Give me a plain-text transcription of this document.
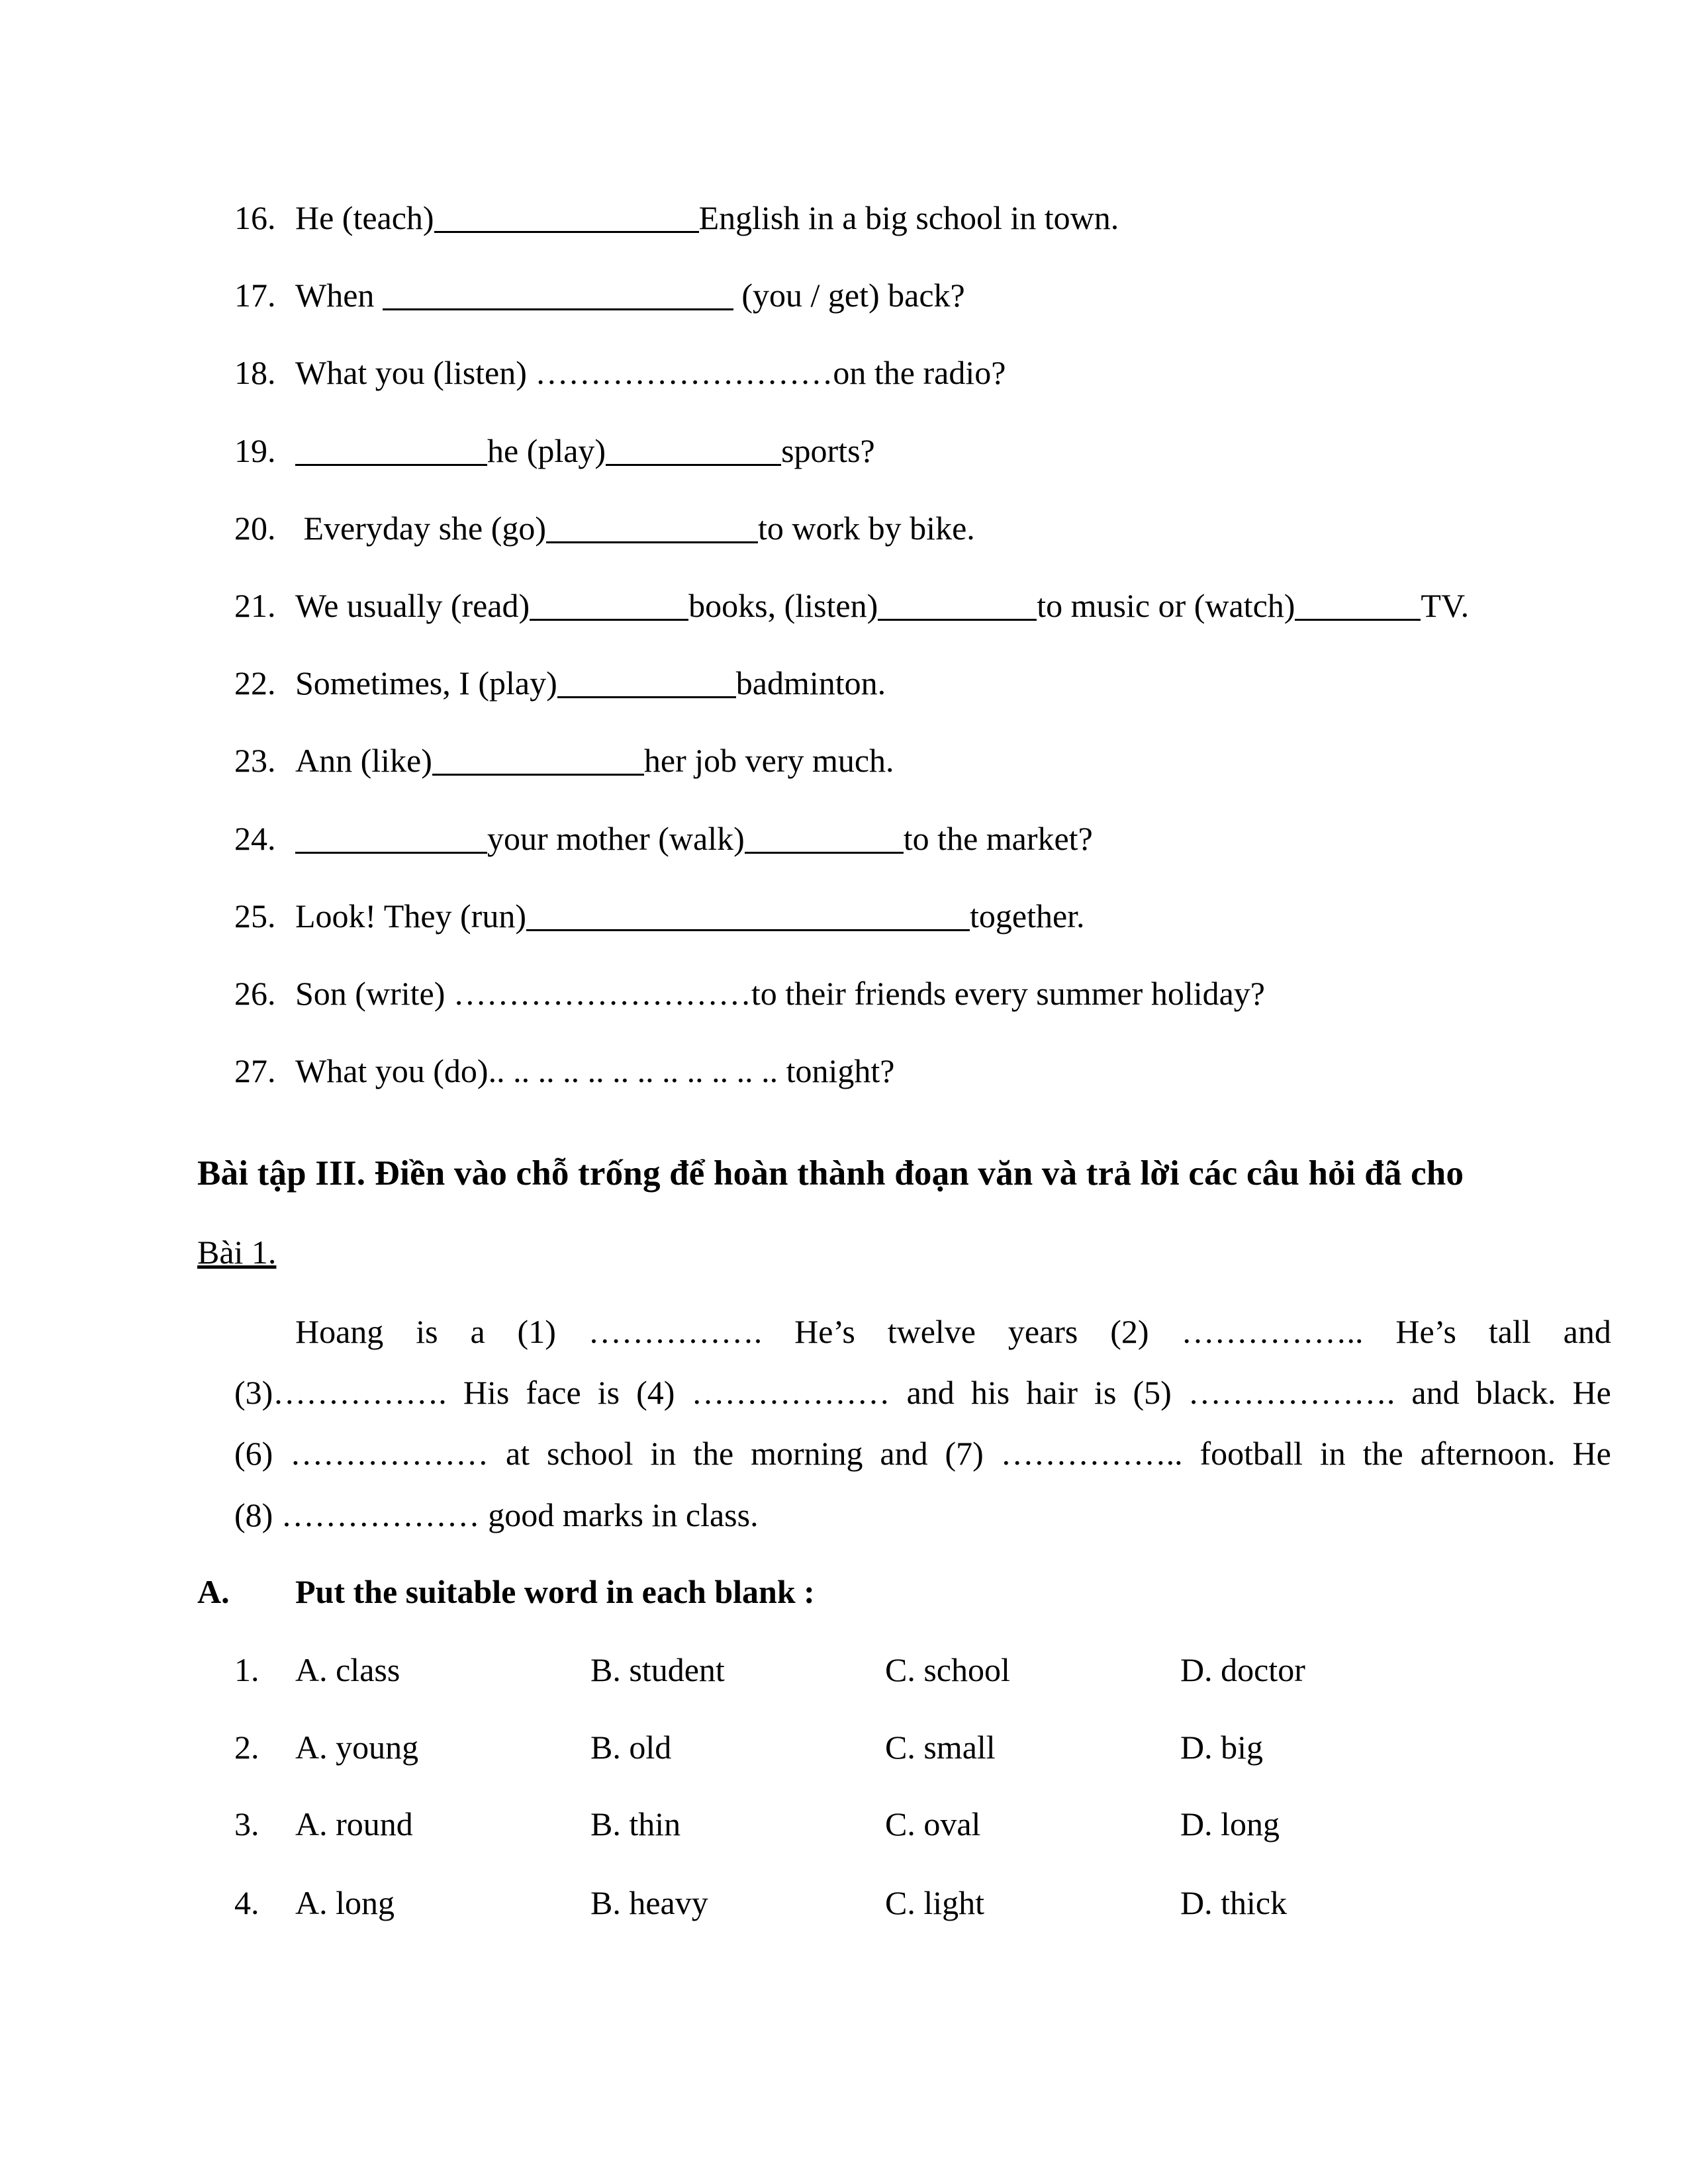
16. He (teach)	English in a big school in town.
17. When	(you / get) back?
18. What you (listen) ………………………on the radio?
19.	he (play)	sports?
20. Everyday she (go)	to work by bike.
21. We usually (read)	books, (listen)	to music or (watch)	TV.
22. Sometimes, I (play)	badminton.
23. Ann (like)	her job very much.
24.	your mother (walk)	to the market?
25. Look! They (run)	together.
26. Son (write) ………………………to their friends every summer holiday?
27. What you (do).. .. .. .. .. .. .. .. .. .. .. .. tonight?
Bài tập III. Điền vào chỗ trống để hoàn thành đoạn văn và trả lời các câu hỏi đã cho
Bài 1.
Hoang is a (1) ……………. He’s twelve years (2) …………….. He’s tall and
(3)……………. His face is (4) ……………… and his hair is (5) ………………. and black. He
(6) ……………… at school in the morning and (7) …………….. football in the afternoon. He
(8) ……………… good marks in class.
A. Put the suitable word in each blank :
1. A. class	B. student	C. school	D. doctor
2. A. young	B. old	C. small	D. big
3. A. round	B. thin	C. oval	D. long
4. A. long	B. heavy	C. light	D. thick
